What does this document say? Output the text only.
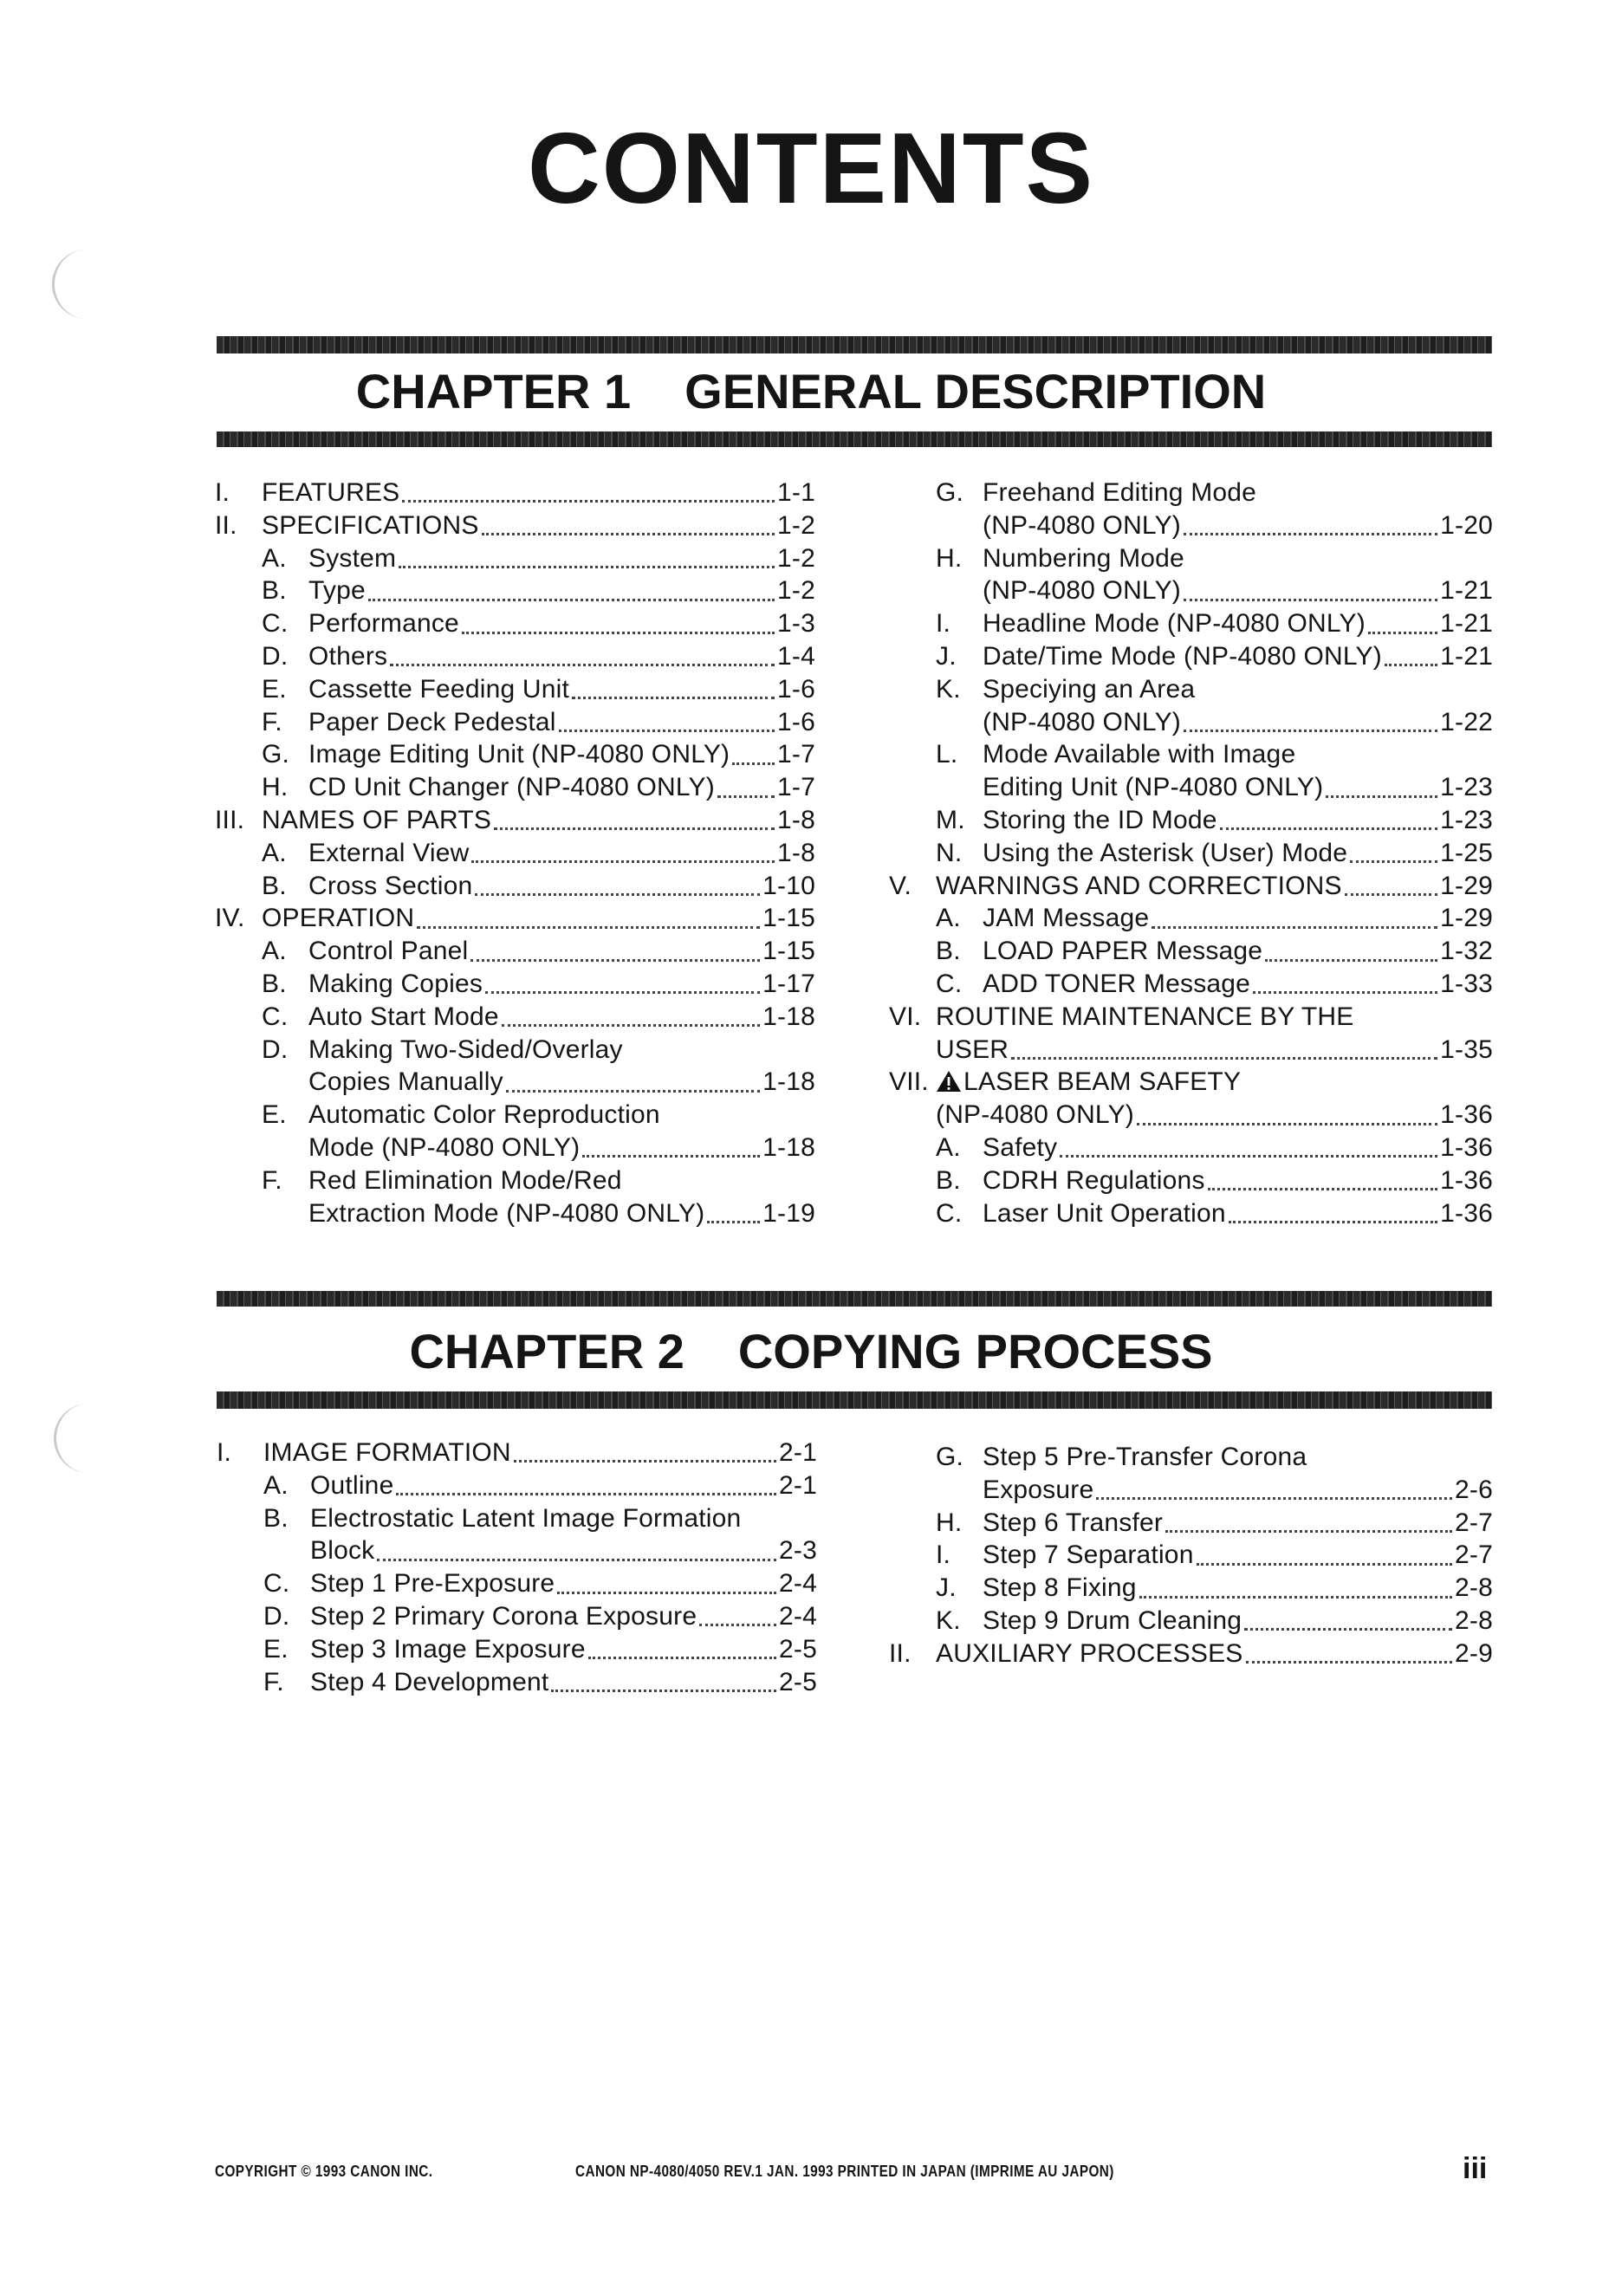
CONTENTS
CHAPTER 1 GENERAL DESCRIPTION
I.	FEATURES	1-1
II. SPECIFICATIONS	1-2
A. System	1-2
B. Type	1-2
C. Performance	1-3
D. Others	1-4
E. Cassette Feeding Unit	1-6
F.	Paper Deck Pedestal	1-6
G. Image Editing Unit (NP-4080 ONLY) 1-7
H. CD Unit Changer (NP-4080 ONLY) 1-7
III. NAMES OF PARTS	1-8
A. External View	1-8
B. Cross Section	1-10
IV. OPERATION	1-15
A. Control Panel	1-15
B. Making Copies	1-17
C. Auto Start Mode	1-18
D. Making Two-Sided/Overlay
Copies Manually	1-18
E. Automatic Color Reproduction
Mode (NP-4080 ONLY)	1-18
F.	Red Elimination Mode/Red
Extraction Mode (NP-4080 ONLY) 1-19
G. Freehand Editing Mode
(NP-4080 ONLY)	1-20
H. Numbering Mode
(NP-4080 ONLY)	1-21
I.	Headline Mode (NP-4080 ONLY)	1-21
J.	Date/Time Mode (NP-4080 ONLY) 1-21
K. Speciying an Area
(NP-4080 ONLY)	1-22
L. Mode Available with Image
Editing Unit (NP-4080 ONLY)	1-23
M. Storing the ID Mode	1-23
N. Using the Asterisk (User) Mode	1-25
V. WARNINGS AND CORRECTIONS	1-29
A. JAM Message	1-29
B. LOAD PAPER Message	1-32
C. ADD TONER Message	1-33
VI. ROUTINE MAINTENANCE BY THE
USER	1-35
VII. LASER BEAM SAFETY
(NP-4080 ONLY)	1-36
A. Safety	1-36
B. CDRH Regulations	1-36
C. Laser Unit Operation	1-36
CHAPTER 2 COPYING PROCESS
I.	IMAGE FORMATION	2-1
A. Outline	2-1
B. Electrostatic Latent Image Formation
Block	2-3
C. Step 1 Pre-Exposure	2-4
D. Step 2 Primary Corona Exposure	2-4
E. Step 3 Image Exposure	2-5
F.	Step 4 Development	2-5
G. Step 5 Pre-Transfer Corona
Exposure	2-6
H. Step 6 Transfer	2-7
I.	Step 7 Separation	2-7
J.	Step 8 Fixing	2-8
K. Step 9 Drum Cleaning	2-8
II. AUXILIARY PROCESSES	2-9
COPYRIGHT © 1993 CANON INC.	CANON NP-4080/4050 REV.1 JAN. 1993 PRINTED IN JAPAN (IMPRIME AU JAPON)	iii
